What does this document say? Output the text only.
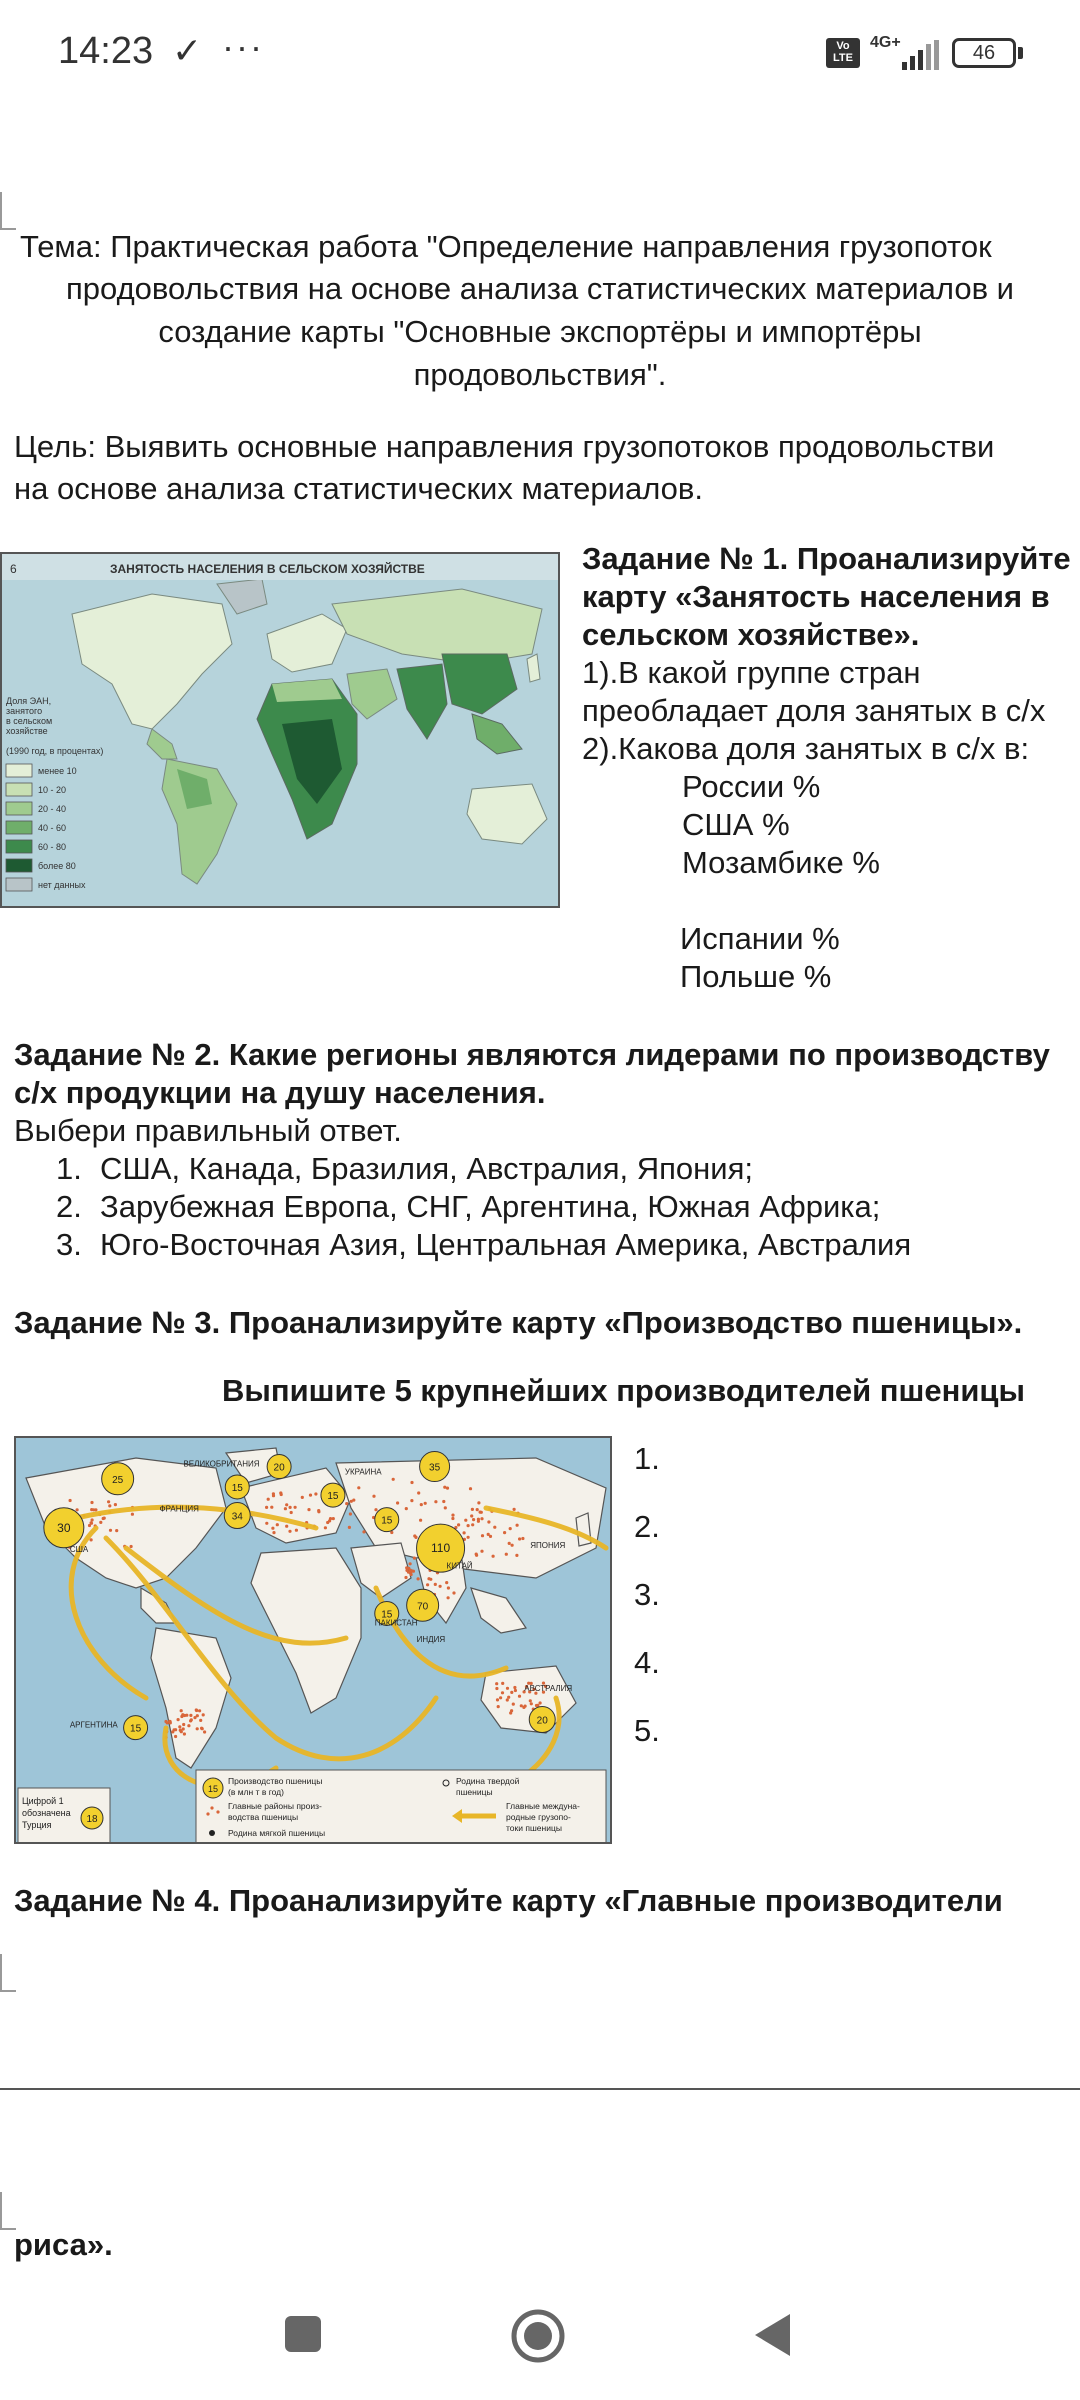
14:23 ✓ ···	Vo LTE
4G+	46
Тема: Практическая работа "Определение направления грузопоток
продовольствия на основе анализа статистических материалов и
создание карты "Основные экспортёры и импортёры
продовольствия".
Цель: Выявить основные направления грузопотоков продовольстви
на основе анализа статистических материалов.
6	ЗАНЯТОСТЬ НАСЕЛЕНИЯ В СЕЛЬСКОМ ХОЗЯЙСТВЕ
Доля ЭАН,
занятого
в сельском
хозяйстве
(1990 год, в процентах)
менее 10
10 - 20
20 - 40
40 - 60
60 - 80
более 80
нет данных
Задание № 1. Проанализируйте
карту «Занятость населения в
сельском хозяйстве».
1).В какой группе стран
преобладает доля занятых в с/х
2).Какова доля занятых в с/х в:
России %
США %
Мозамбике %
Испании %
Польше %
Задание № 2. Какие регионы являются лидерами по производству
с/х продукции на душу населения.
Выбери правильный ответ.
1. США, Канада, Бразилия, Австралия, Япония;
2. Зарубежная Европа, СНГ, Аргентина, Южная Африка;
3. Юго-Восточная Азия, Центральная Америка, Австралия
Задание № 3. Проанализируйте карту «Производство пшеницы».
Выпишите 5 крупнейших производителей пшеницы
25
30
20
15
34
15
35
110
15
15
70
15
20
ВЕЛИКОБРИТАНИЯ
УКРАИНА
ФРАНЦИЯ
США
КИТАЙ
ЯПОНИЯ
ПАКИСТАН
ИНДИЯ
АРГЕНТИНА
АВСТРАЛИЯ
Цифрой 1
обозначена
Турция	18
15
Производство пшеницы
(в млн т в год)
Главные районы произ-
водства пшеницы
Родина мягкой пшеницы
Родина твердой
пшеницы
Главные междуна-
родные грузопо-
токи пшеницы
1.
2.
3.
4.
5.
Задание № 4. Проанализируйте карту «Главные производители
риса».
